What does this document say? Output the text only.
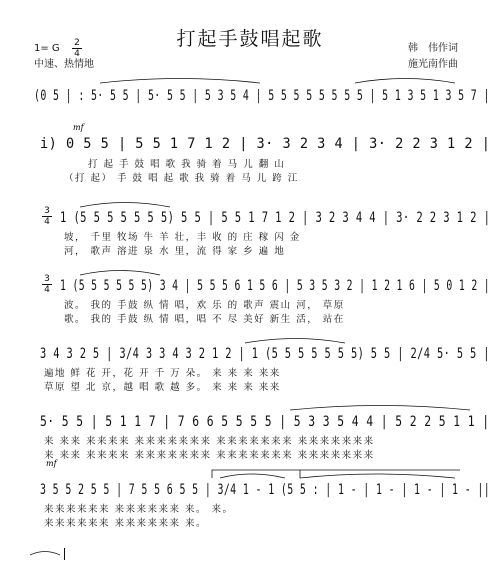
mf
mf
打起手鼓唱起歌
1= G 2
4
中速、热情地
韩　伟作词
施光南作曲
(0 5 | : 5· 5 5 | 5· 5 5 | 5 3 5 4 | 5 5 5 5 5 5 5 5 | 5 1 3 5 1 3 5 7 |
i) 0 5 5 | 5 5 1 7 1 2 | 3· 3 2 3 4 | 3· 2 2 3 1 2 |
打 起 手 鼓 唱 歌 我 骑 着 马 儿 翻 山
（打 起） 手 鼓 唱 起 歌 我 骑 着 马 儿 跨 江
3
4 1 (5 5 5 5 5 5 5) 5 5 | 5 5 1 7 1 2 | 3 2 3 4 4 | 3· 2 2 3 1 2 |
坡， 千里 牧场 牛 羊 壮，丰 收 的 庄 稼 闪 金
河， 歌声 溶进 泉 水 里，流 得 家 乡 遍 地
3
4 1 (5 5 5 5 5 5) 3 4 | 5 5 5 6 1 5 6 | 5 3 5 3 2 | 1 2 1 6 | 5 0 1 2 |
波。 我的 手鼓 纵 情 唱，欢 乐 的 歌声 震山 河， 草原
歌。 我的 手鼓 纵 情 唱，唱 不 尽 美好 新生 活， 站在
3 4 3 2 5 | 3/4 3 3 4 3 2 1 2 | 1 (5 5 5 5 5 5 5) 5 5 | 2/4 5· 5 5 |
遍地 鲜 花 开，花 开 千 万 朵。 来 来 来 来来
草原 望 北 京，越 唱 歌 越 多。 来 来 来 来来
5· 5 5 | 5 1 1 7 | 7 6 6 5 5 5 5 | 5 3 3 5 4 4 | 5 2 2 5 1 1 |
来 来来 来来来来 来来来来来来来 来来来来来来来 来来来来来来来
来 来来 来来来来 来来来来来来来 来来来来来来来 来来来来来来来
3 5 5 2 5 5 | 7 5 5 6 5 5 | 3/4 1 - 1 (5 5 : | 1 - | 1 - | 1 - | 1 - ||
来来来来来来 来来来来来来 来。 来。
来来来来来来 来来来来来来 来。
